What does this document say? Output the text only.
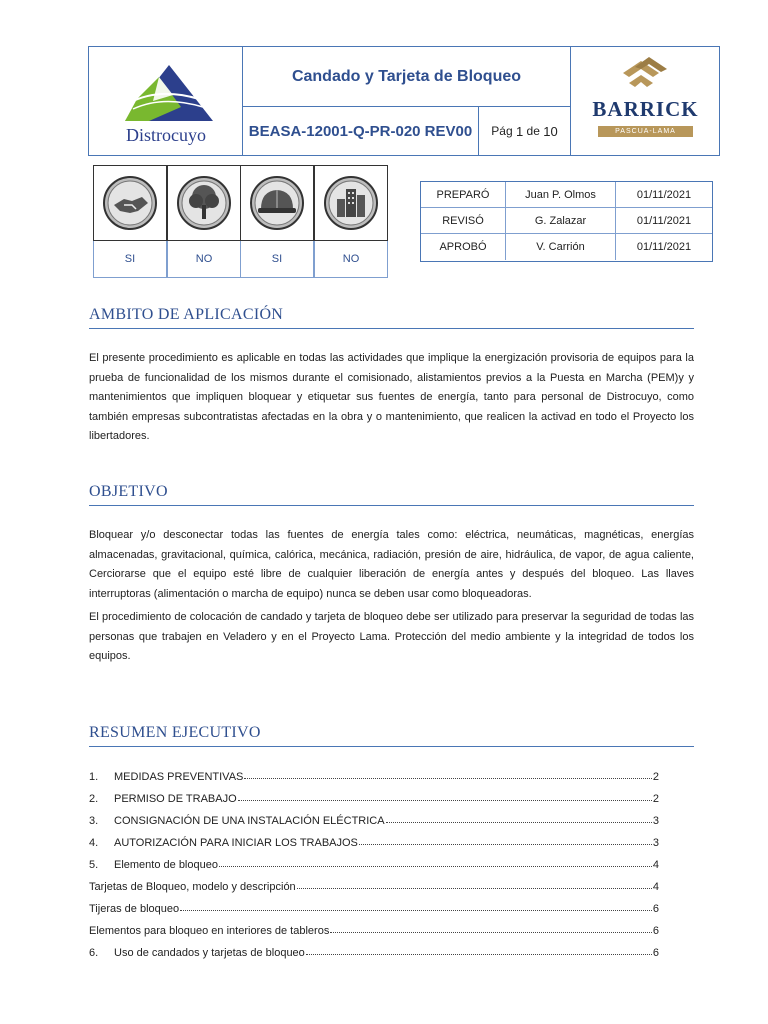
Distrocuyo
Candado y Tarjeta de Bloqueo
BEASA-12001-Q-PR-020 REV00	Pág
1
de
10
BARRICK
PASCUA-LAMA
SI	NO	SI	NO
PREPARÓ	Juan P. Olmos	01/11/2021
REVISÓ	G. Zalazar	01/11/2021
APROBÓ	V. Carrión	01/11/2021
AMBITO DE APLICACIÓN

El presente procedimiento es aplicable en todas las actividades que implique la energización provisoria de equipos para la prueba de funcionalidad de los mismos durante el comisionado, alistamientos previos a la Puesta en Marcha (PEM)y y mantenimientos que impliquen bloquear y etiquetar sus fuentes de energía, tanto para personal de Distrocuyo, como también empresas subcontratistas afectadas en la obra y o mantenimiento, que realicen la activad en todo el Proyecto los libertadores.

OBJETIVO

Bloquear y/o desconectar todas las fuentes de energía tales como: eléctrica, neumáticas, magnéticas, energías almacenadas, gravitacional, química, calórica, mecánica, radiación, presión de aire, hidráulica, de vapor, de agua caliente, Cerciorarse que el equipo esté libre de cualquier liberación de energía antes y después del bloqueo. Las llaves interruptoras (alimentación o marcha de equipo) nunca se deben usar como bloqueadoras.

El procedimiento de colocación de candado y tarjeta de bloqueo debe ser utilizado para preservar la seguridad de todas las personas que trabajen en Veladero y en el Proyecto Lama. Protección del medio ambiente y la integridad de todos los equipos.

RESUMEN EJECUTIVO
1.	MEDIDAS PREVENTIVAS	2
2.	PERMISO DE TRABAJO	2
3.	CONSIGNACIÓN DE UNA INSTALACIÓN ELÉCTRICA	3
4.	AUTORIZACIÓN PARA INICIAR LOS TRABAJOS	3
5.	Elemento de bloqueo	4
Tarjetas de Bloqueo, modelo y descripción	4
Tijeras de bloqueo	6
Elementos para bloqueo en interiores de tableros	6
6.	Uso de candados y tarjetas de bloqueo	6
